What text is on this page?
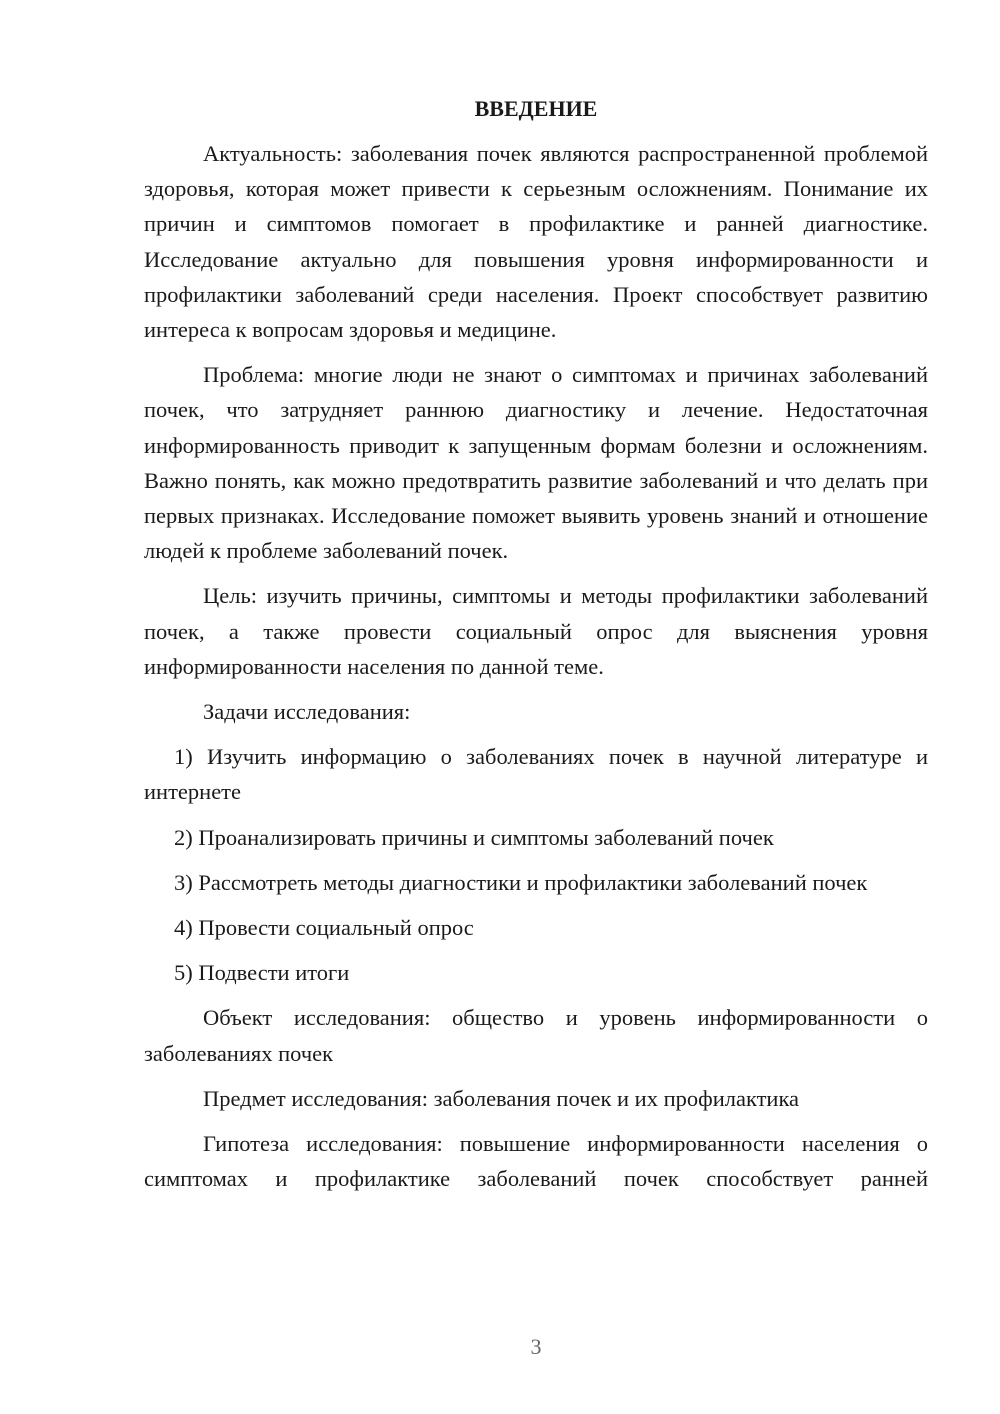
ВВЕДЕНИЕ

Актуальность: заболевания почек являются распространенной проблемой здоровья, которая может привести к серьезным осложнениям. Понимание их причин и симптомов помогает в профилактике и ранней диагностике. Исследование актуально для повышения уровня информированности и профилактики заболеваний среди населения. Проект способствует развитию интереса к вопросам здоровья и медицине.

Проблема: многие люди не знают о симптомах и причинах заболеваний почек, что затрудняет раннюю диагностику и лечение. Недостаточная информированность приводит к запущенным формам болезни и осложнениям. Важно понять, как можно предотвратить развитие заболеваний и что делать при первых признаках. Исследование поможет выявить уровень знаний и отношение людей к проблеме заболеваний почек.

Цель: изучить причины, симптомы и методы профилактики заболеваний почек, а также провести социальный опрос для выяснения уровня информированности населения по данной теме.

Задачи исследования:

1) Изучить информацию о заболеваниях почек в научной литературе и интернете

2) Проанализировать причины и симптомы заболеваний почек

3) Рассмотреть методы диагностики и профилактики заболеваний почек

4) Провести социальный опрос

5) Подвести итоги

Объект исследования: общество и уровень информированности о заболеваниях почек

Предмет исследования: заболевания почек и их профилактика

Гипотеза исследования: повышение информированности населения о симптомах и профилактике заболеваний почек способствует ранней

3
